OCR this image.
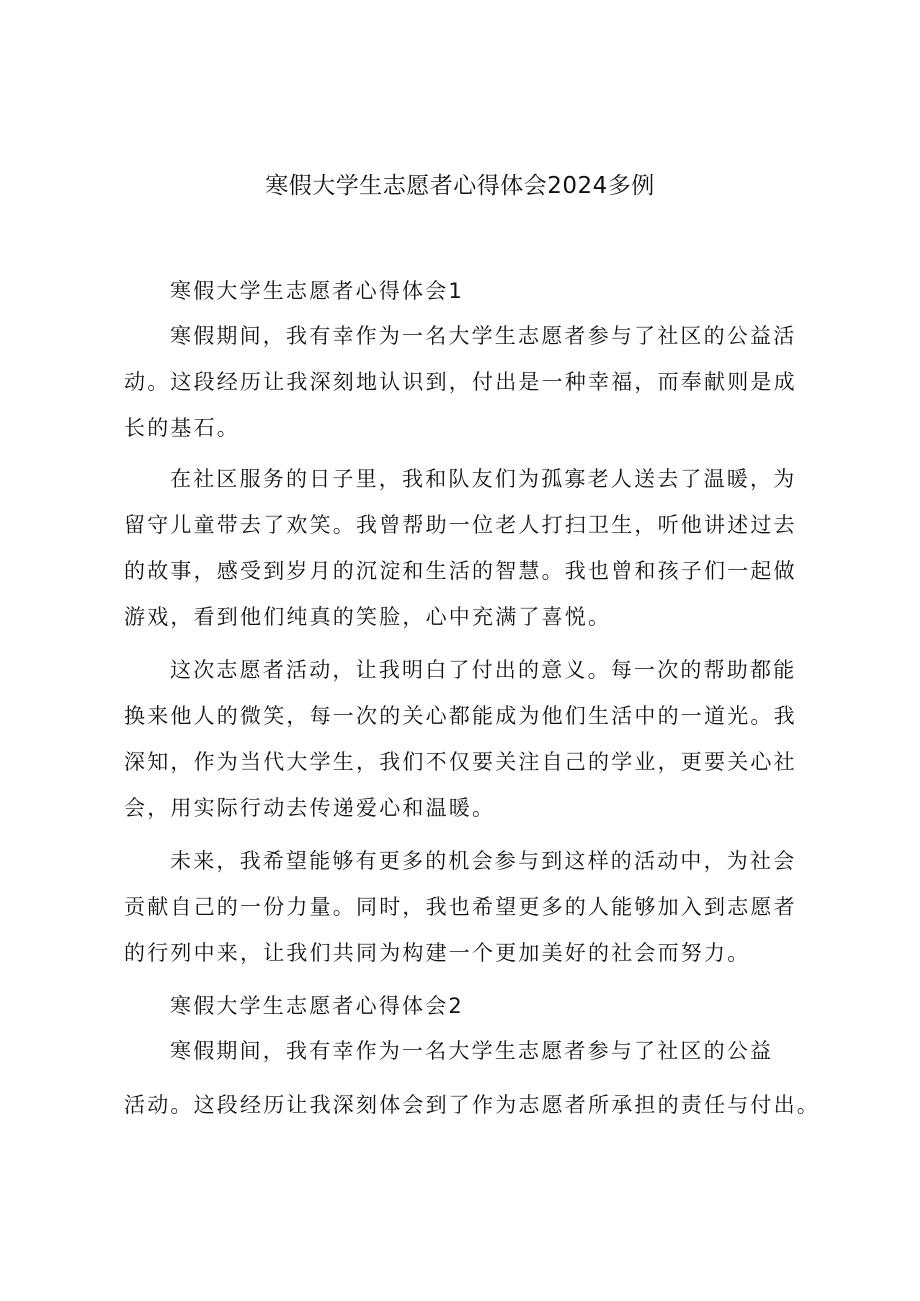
寒假大学生志愿者心得体会2024多例
寒假大学生志愿者心得体会1
寒假期间，我有幸作为一名大学生志愿者参与了社区的公益活
动。这段经历让我深刻地认识到，付出是一种幸福，而奉献则是成
长的基石。
在社区服务的日子里，我和队友们为孤寡老人送去了温暖，为
留守儿童带去了欢笑。我曾帮助一位老人打扫卫生，听他讲述过去
的故事，感受到岁月的沉淀和生活的智慧。我也曾和孩子们一起做
游戏，看到他们纯真的笑脸，心中充满了喜悦。
这次志愿者活动，让我明白了付出的意义。每一次的帮助都能
换来他人的微笑，每一次的关心都能成为他们生活中的一道光。我
深知，作为当代大学生，我们不仅要关注自己的学业，更要关心社
会，用实际行动去传递爱心和温暖。
未来，我希望能够有更多的机会参与到这样的活动中，为社会
贡献自己的一份力量。同时，我也希望更多的人能够加入到志愿者
的行列中来，让我们共同为构建一个更加美好的社会而努力。
寒假大学生志愿者心得体会2
寒假期间，我有幸作为一名大学生志愿者参与了社区的公益
活动。这段经历让我深刻体会到了作为志愿者所承担的责任与付出。
